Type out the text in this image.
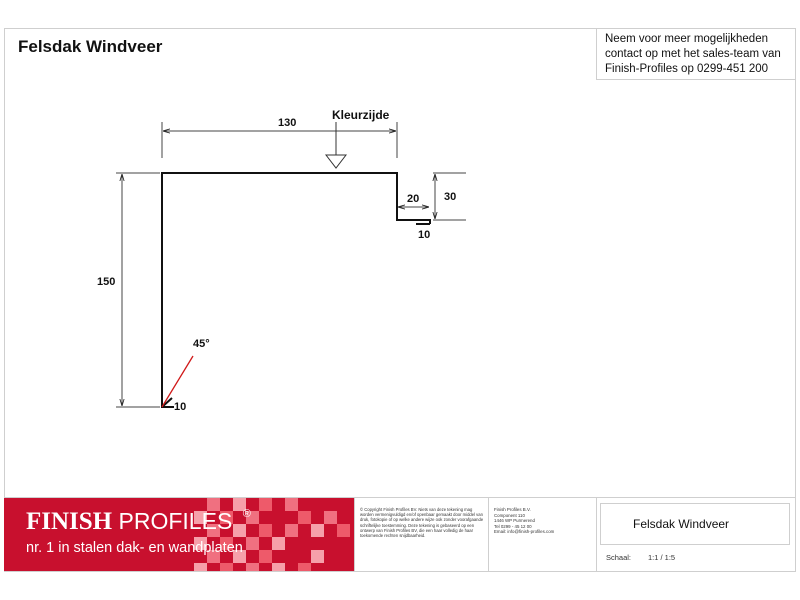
Felsdak Windveer	Neem voor meer mogelijkheden
contact op met het sales-team van
Finish-Profiles op 0299-451 200
130
Kleurzijde
150
30
20
10
10
45°
FINISH PROFILES ®
nr. 1 in stalen dak- en wandplaten
© Copyright Finish Profiles BV. Niets van deze tekening mag worden vermenigvuldigd en/of openbaar gemaakt door middel van druk, fotokopie of op welke andere wijze ook zonder voorafgaande schriftelijke toestemming. Deze tekening is gebaseerd op een ontwerp van Finish Profiles BV, die een haar volledig de haar toekomende rechten snijdbaarheid.
Finish Profiles B.V.
Component 110
1446 WP Purmerend
Tel 0299 - 45 12 00
Email: info@finish-profiles.com
Felsdak Windveer
Schaal: 1:1 / 1:5
